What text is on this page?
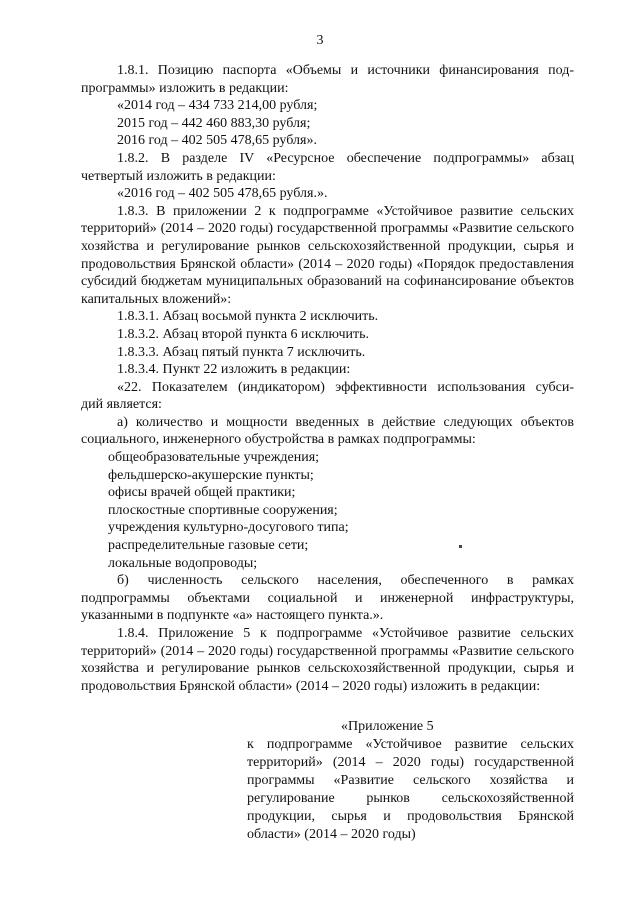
3

1.8.1. Позицию паспорта «Объемы и источники финансирования под-

программы» изложить в редакции:

«2014 год – 434 733 214,00 рубля;

2015 год – 442 460 883,30 рубля;

2016 год – 402 505 478,65 рубля».

1.8.2. В разделе IV «Ресурсное обеспечение подпрограммы» абзац

четвертый изложить в редакции:

«2016 год – 402 505 478,65 рубля.».

1.8.3. В приложении 2 к подпрограмме «Устойчивое развитие сельских территорий» (2014 – 2020 годы) государственной программы «Развитие сельского хозяйства и регулирование рынков сельскохозяйственной продукции, сырья и продовольствия Брянской области» (2014 – 2020 годы) «Порядок предоставления субсидий бюджетам муниципальных образований на софинансирование объектов капитальных вложений»:

1.8.3.1. Абзац восьмой пункта 2 исключить.

1.8.3.2. Абзац второй пункта 6 исключить.

1.8.3.3. Абзац пятый пункта 7 исключить.

1.8.3.4. Пункт 22 изложить в редакции:

«22. Показателем (индикатором) эффективности использования субси-

дий является:

а) количество и мощности введенных в действие следующих объектов

социального, инженерного обустройства в рамках подпрограммы:

общеобразовательные учреждения;

фельдшерско-акушерские пункты;

офисы врачей общей практики;

плоскостные спортивные сооружения;

учреждения культурно-досугового типа;

распределительные газовые сети;

локальные водопроводы;

б) численность сельского населения, обеспеченного в рамках подпрограммы объектами социальной и инженерной инфраструктуры, указанными в подпункте «а» настоящего пункта.».

1.8.4. Приложение 5 к подпрограмме «Устойчивое развитие сельских территорий» (2014 – 2020 годы) государственной программы «Развитие сельского хозяйства и регулирование рынков сельскохозяйственной продукции, сырья и продовольствия Брянской области» (2014 – 2020 годы) изложить в редакции:

«Приложение 5

к подпрограмме «Устойчивое развитие сельских территорий» (2014 – 2020 годы) государственной программы «Развитие сельского хозяйства и регулирование рынков сельскохозяйственной продукции, сырья и продовольствия Брянской области» (2014 – 2020 годы)
